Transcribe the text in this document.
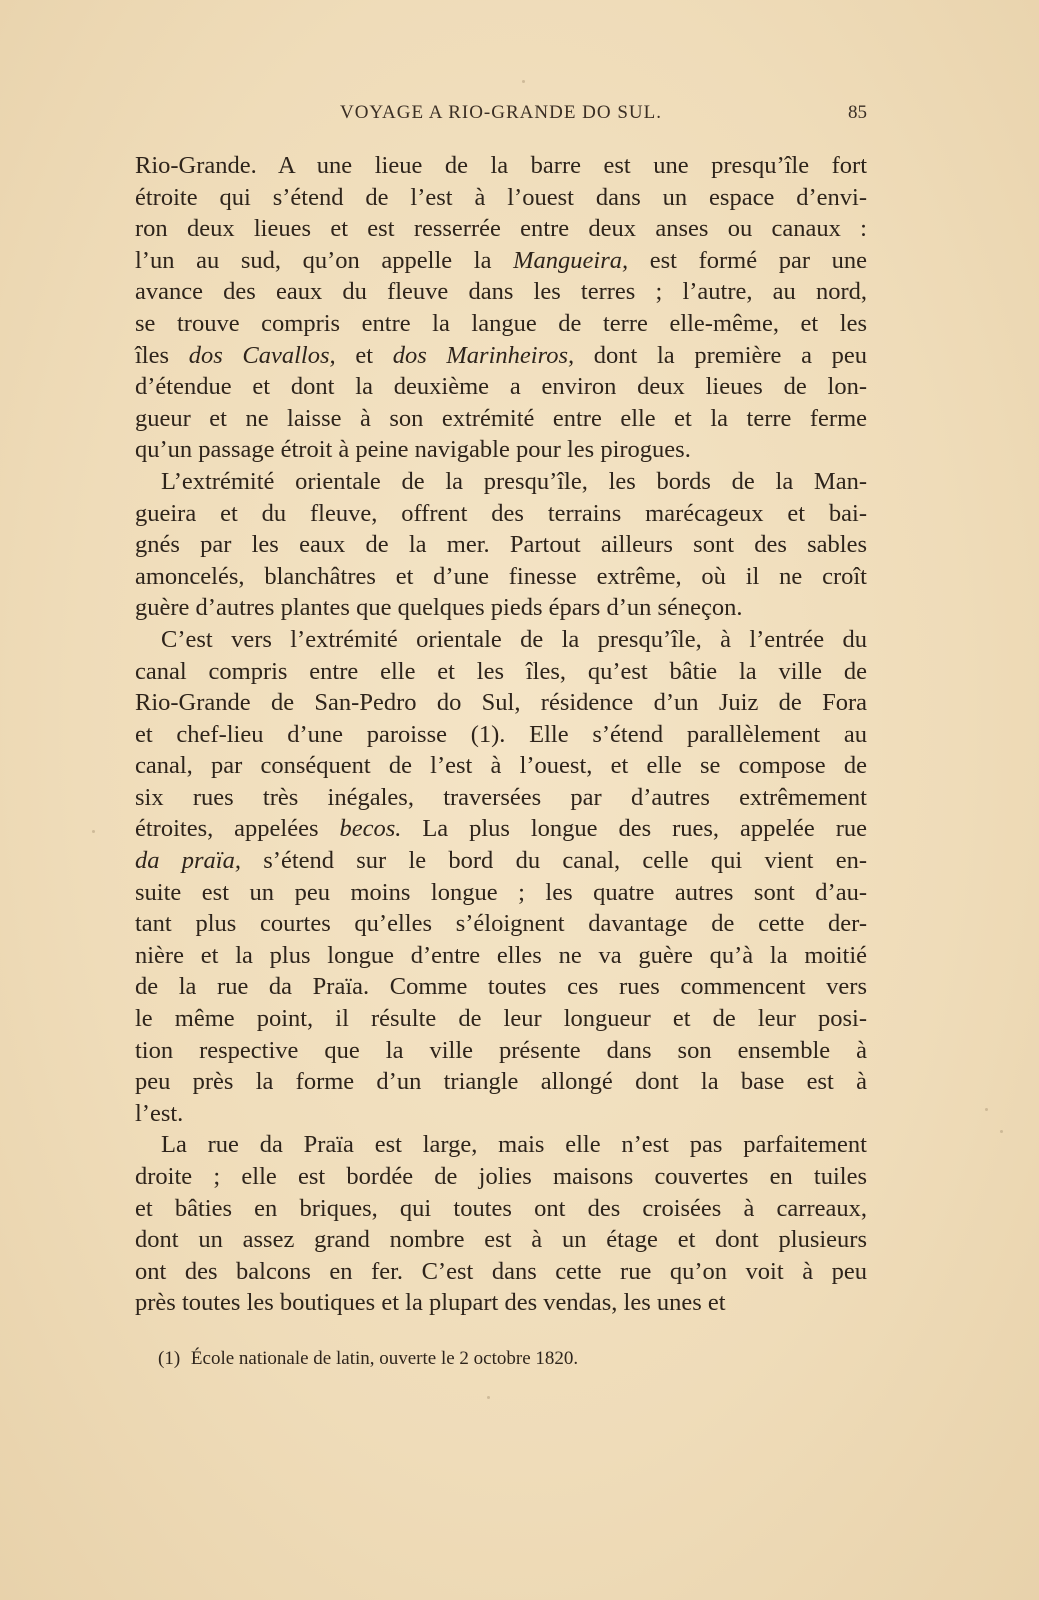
VOYAGE A RIO-GRANDE DO SUL.	85
Rio-Grande. A une lieue de la barre est une presqu’île fort
étroite qui s’étend de l’est à l’ouest dans un espace d’envi-
ron deux lieues et est resserrée entre deux anses ou canaux :
l’un au sud, qu’on appelle la Mangueira, est formé par une
avance des eaux du fleuve dans les terres ; l’autre, au nord,
se trouve compris entre la langue de terre elle-même, et les
îles dos Cavallos, et dos Marinheiros, dont la première a peu
d’étendue et dont la deuxième a environ deux lieues de lon-
gueur et ne laisse à son extrémité entre elle et la terre ferme
qu’un passage étroit à peine navigable pour les pirogues.
L’extrémité orientale de la presqu’île, les bords de la Man-
gueira et du fleuve, offrent des terrains marécageux et bai-
gnés par les eaux de la mer. Partout ailleurs sont des sables
amoncelés, blanchâtres et d’une finesse extrême, où il ne croît
guère d’autres plantes que quelques pieds épars d’un séneçon.
C’est vers l’extrémité orientale de la presqu’île, à l’entrée du
canal compris entre elle et les îles, qu’est bâtie la ville de
Rio-Grande de San-Pedro do Sul, résidence d’un Juiz de Fora
et chef-lieu d’une paroisse (1). Elle s’étend parallèlement au
canal, par conséquent de l’est à l’ouest, et elle se compose de
six rues très inégales, traversées par d’autres extrêmement
étroites, appelées becos. La plus longue des rues, appelée rue
da praïa, s’étend sur le bord du canal, celle qui vient en-
suite est un peu moins longue ; les quatre autres sont d’au-
tant plus courtes qu’elles s’éloignent davantage de cette der-
nière et la plus longue d’entre elles ne va guère qu’à la moitié
de la rue da Praïa. Comme toutes ces rues commencent vers
le même point, il résulte de leur longueur et de leur posi-
tion respective que la ville présente dans son ensemble à
peu près la forme d’un triangle allongé dont la base est à
l’est.
La rue da Praïa est large, mais elle n’est pas parfaitement
droite ; elle est bordée de jolies maisons couvertes en tuiles
et bâties en briques, qui toutes ont des croisées à carreaux,
dont un assez grand nombre est à un étage et dont plusieurs
ont des balcons en fer. C’est dans cette rue qu’on voit à peu
près toutes les boutiques et la plupart des vendas, les unes et
(1) École nationale de latin, ouverte le 2 octobre 1820.
